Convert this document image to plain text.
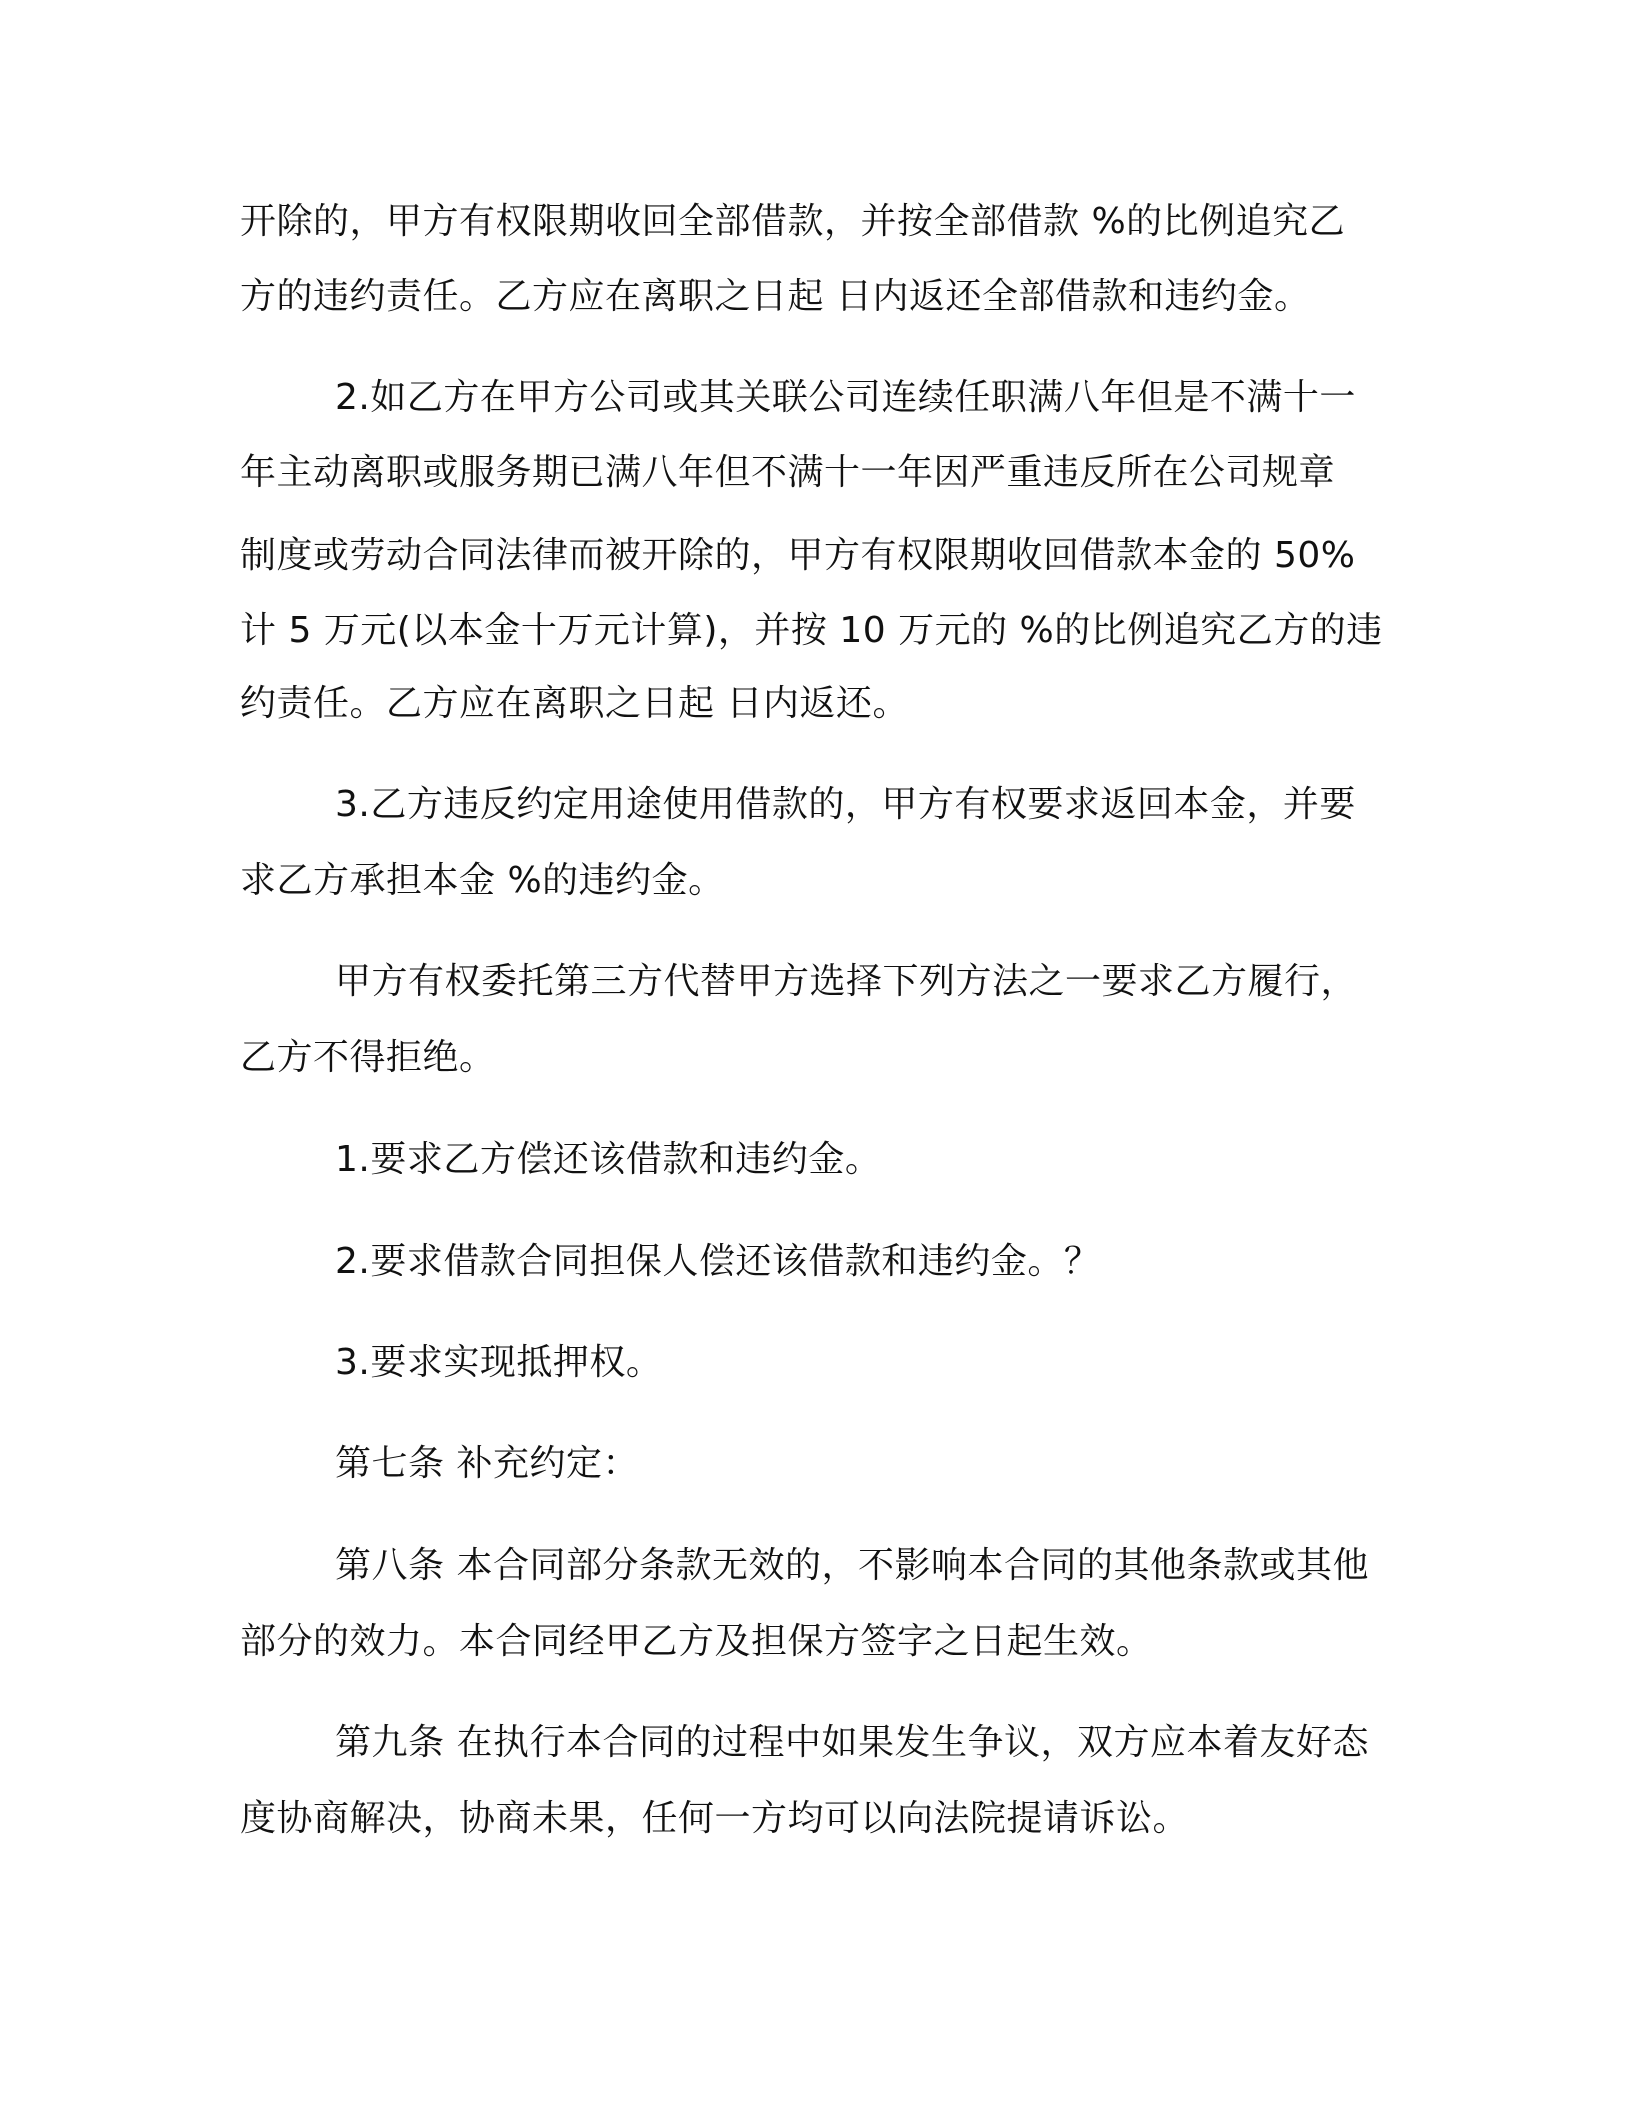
开除的，甲方有权限期收回全部借款，并按全部借款 %的比例追究乙
方的违约责任。乙方应在离职之日起 日内返还全部借款和违约金。
2.如乙方在甲方公司或其关联公司连续任职满八年但是不满十一
年主动离职或服务期已满八年但不满十一年因严重违反所在公司规章
制度或劳动合同法律而被开除的，甲方有权限期收回借款本金的 50%
计 5 万元(以本金十万元计算)，并按 10 万元的 %的比例追究乙方的违
约责任。乙方应在离职之日起 日内返还。
3.乙方违反约定用途使用借款的，甲方有权要求返回本金，并要
求乙方承担本金 %的违约金。
甲方有权委托第三方代替甲方选择下列方法之一要求乙方履行，
乙方不得拒绝。
1.要求乙方偿还该借款和违约金。
2.要求借款合同担保人偿还该借款和违约金。？
3.要求实现抵押权。
第七条 补充约定：
第八条 本合同部分条款无效的，不影响本合同的其他条款或其他
部分的效力。本合同经甲乙方及担保方签字之日起生效。
第九条 在执行本合同的过程中如果发生争议，双方应本着友好态
度协商解决，协商未果，任何一方均可以向法院提请诉讼。
